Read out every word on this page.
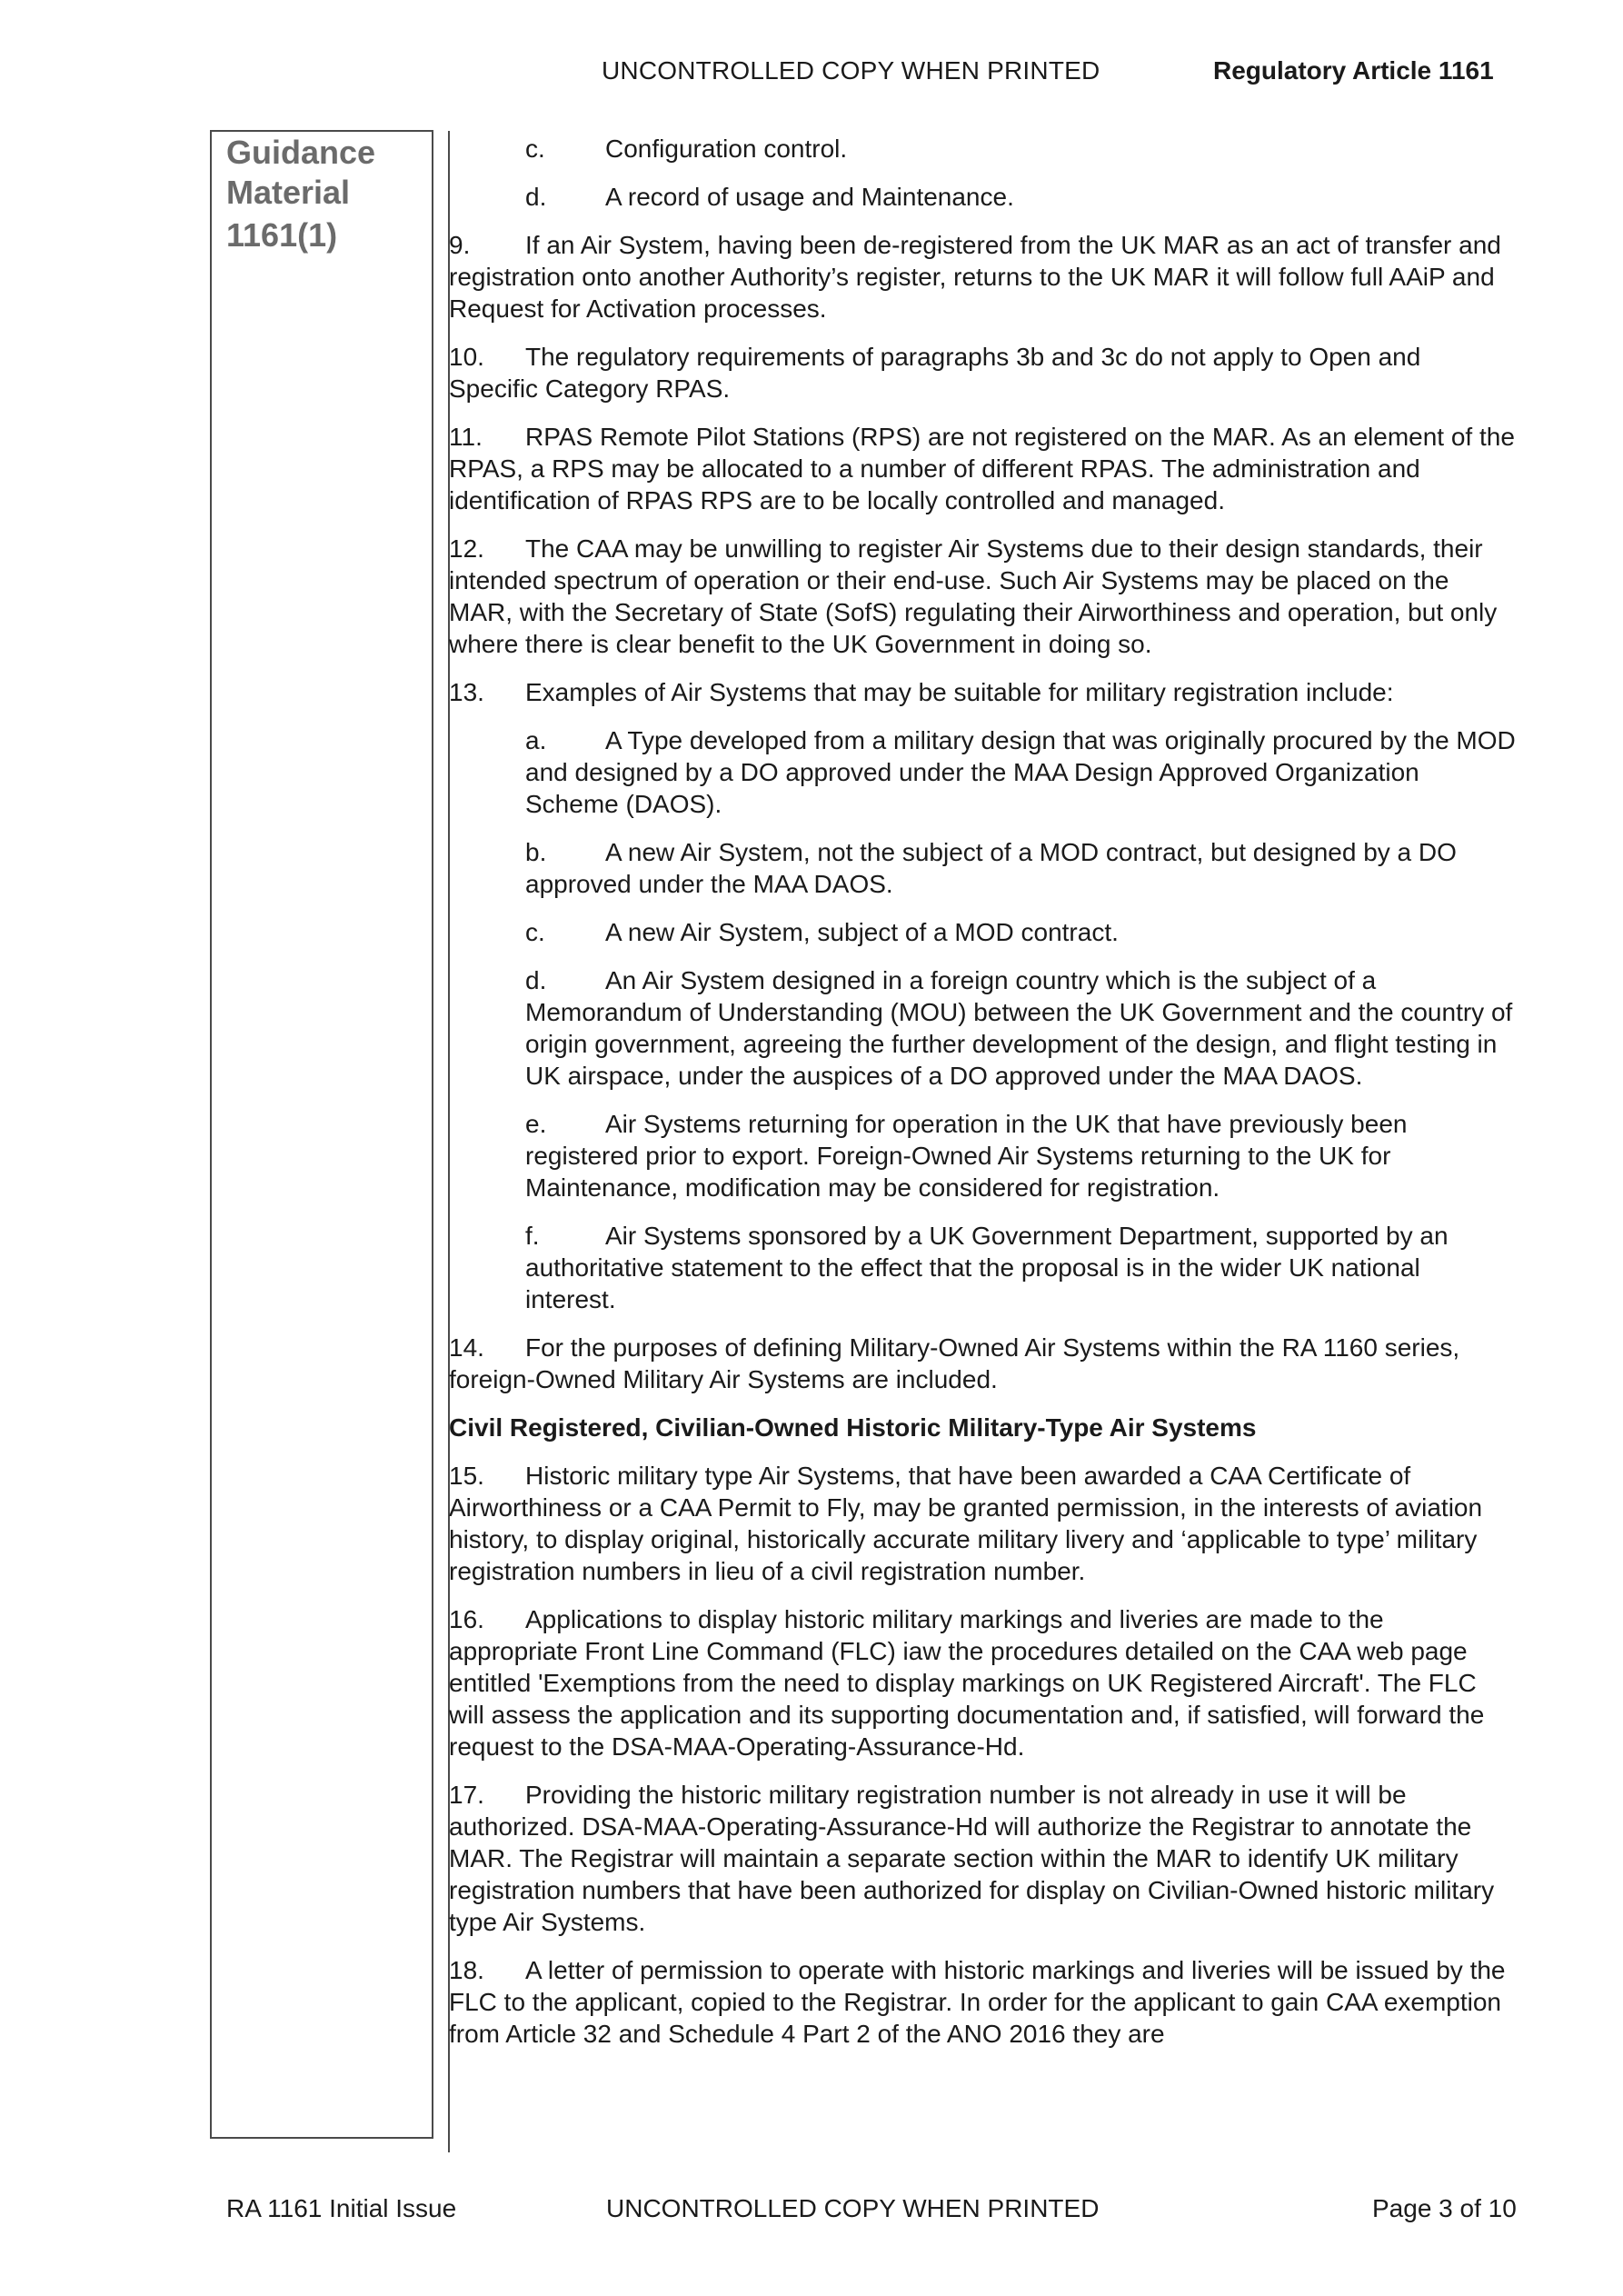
UNCONTROLLED COPY WHEN PRINTED	Regulatory Article 1161
Guidance Material
1161(1)
c. Configuration control.
d. A record of usage and Maintenance.
9. If an Air System, having been de-registered from the UK MAR as an act of transfer and registration onto another Authority’s register, returns to the UK MAR it will follow full AAiP and Request for Activation processes.
10. The regulatory requirements of paragraphs 3b and 3c do not apply to Open and Specific Category RPAS.
11. RPAS Remote Pilot Stations (RPS) are not registered on the MAR. As an element of the RPAS, a RPS may be allocated to a number of different RPAS. The administration and identification of RPAS RPS are to be locally controlled and managed.
12. The CAA may be unwilling to register Air Systems due to their design standards, their intended spectrum of operation or their end-use. Such Air Systems may be placed on the MAR, with the Secretary of State (SofS) regulating their Airworthiness and operation, but only where there is clear benefit to the UK Government in doing so.
13. Examples of Air Systems that may be suitable for military registration include:
a. A Type developed from a military design that was originally procured by the MOD and designed by a DO approved under the MAA Design Approved Organization Scheme (DAOS).
b. A new Air System, not the subject of a MOD contract, but designed by a DO approved under the MAA DAOS.
c. A new Air System, subject of a MOD contract.
d. An Air System designed in a foreign country which is the subject of a Memorandum of Understanding (MOU) between the UK Government and the country of origin government, agreeing the further development of the design, and flight testing in UK airspace, under the auspices of a DO approved under the MAA DAOS.
e. Air Systems returning for operation in the UK that have previously been registered prior to export. Foreign-Owned Air Systems returning to the UK for Maintenance, modification may be considered for registration.
f.	Air Systems sponsored by a UK Government Department, supported by an authoritative statement to the effect that the proposal is in the wider UK national interest.
14. For the purposes of defining Military-Owned Air Systems within the RA 1160 series, foreign-Owned Military Air Systems are included.
Civil Registered, Civilian-Owned Historic Military-Type Air Systems
15. Historic military type Air Systems, that have been awarded a CAA Certificate of Airworthiness or a CAA Permit to Fly, may be granted permission, in the interests of aviation history, to display original, historically accurate military livery and ‘applicable to type’ military registration numbers in lieu of a civil registration number.
16. Applications to display historic military markings and liveries are made to the appropriate Front Line Command (FLC) iaw the procedures detailed on the CAA web page entitled 'Exemptions from the need to display markings on UK Registered Aircraft'. The FLC will assess the application and its supporting documentation and, if satisfied, will forward the request to the DSA-MAA-Operating-Assurance-Hd.
17. Providing the historic military registration number is not already in use it will be authorized. DSA-MAA-Operating-Assurance-Hd will authorize the Registrar to annotate the MAR. The Registrar will maintain a separate section within the MAR to identify UK military registration numbers that have been authorized for display on Civilian-Owned historic military type Air Systems.
18. A letter of permission to operate with historic markings and liveries will be issued by the FLC to the applicant, copied to the Registrar. In order for the applicant to gain CAA exemption from Article 32 and Schedule 4 Part 2 of the ANO 2016 they are
RA 1161 Initial Issue	UNCONTROLLED COPY WHEN PRINTED	Page 3 of 10
